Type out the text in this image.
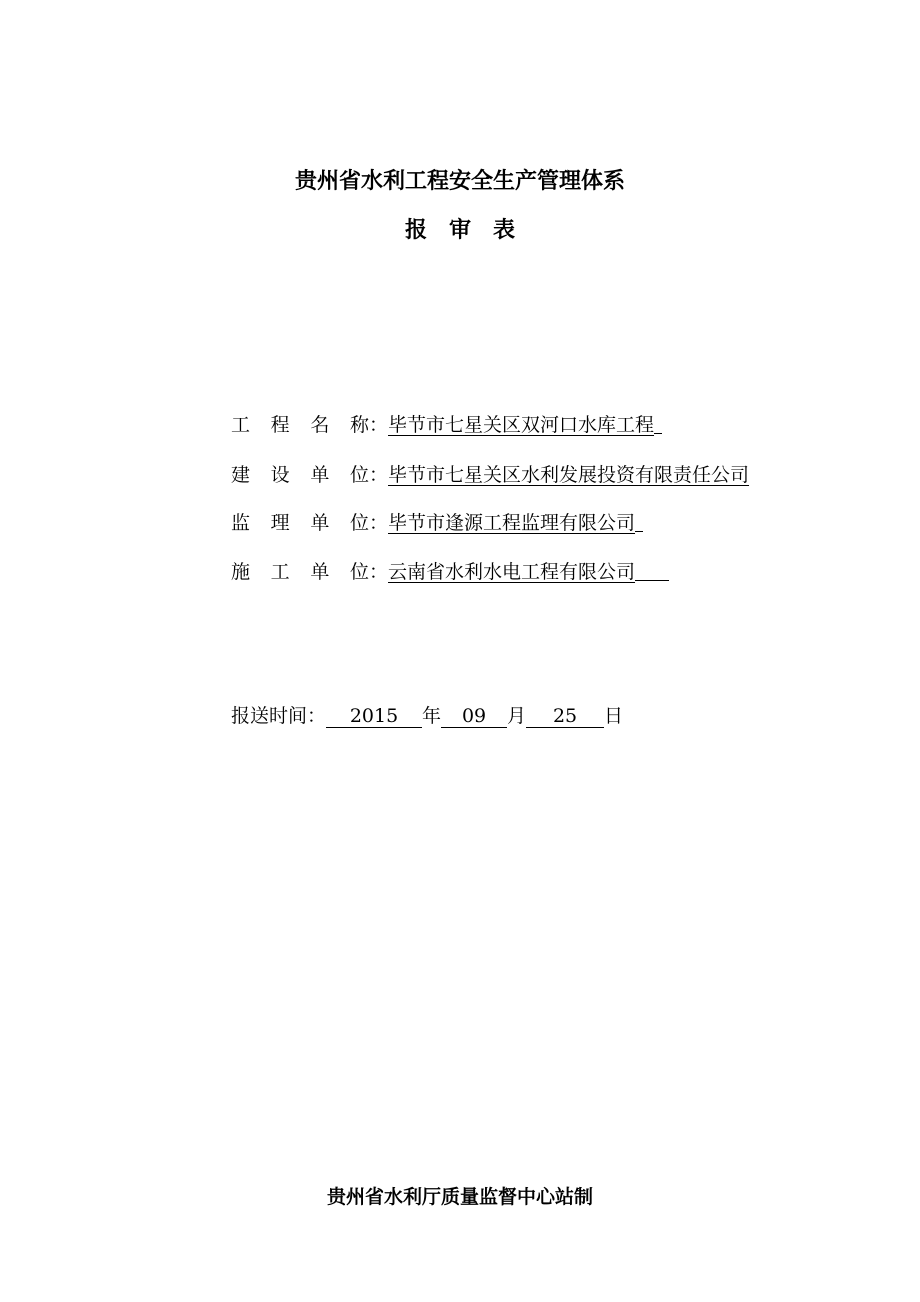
贵州省水利工程安全生产管理体系
报审表
工程名称：毕节市七星关区双河口水库工程
建设单位：毕节市七星关区水利发展投资有限责任公司
监理单位：毕节市逢源工程监理有限公司
施工单位：云南省水利水电工程有限公司
报送时间： 2015 年 09 月 25 日
贵州省水利厅质量监督中心站制
